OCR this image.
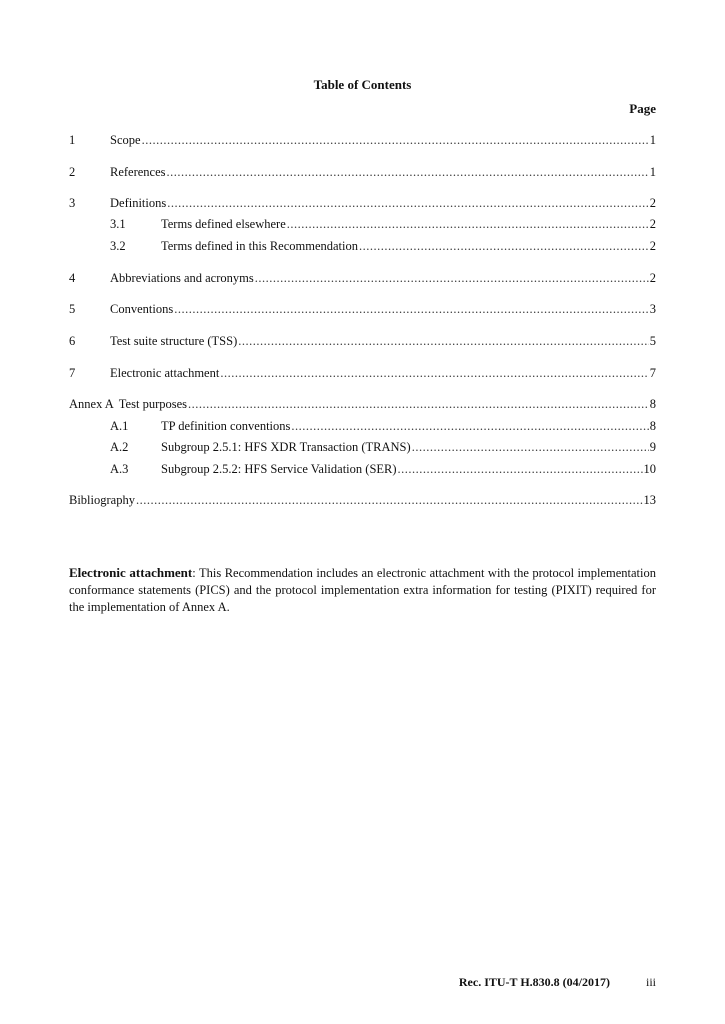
Table of Contents
Page
1	Scope .....	1
2	References .....	1
3	Definitions .....	2
3.1	Terms defined elsewhere .....	2
3.2	Terms defined in this Recommendation .....	2
4	Abbreviations and acronyms .....	2
5	Conventions .....	3
6	Test suite structure (TSS) .....	5
7	Electronic attachment .....	7
Annex A Test purposes .....	8
A.1	TP definition conventions .....	8
A.2	Subgroup 2.5.1: HFS XDR Transaction (TRANS) .....	9
A.3	Subgroup 2.5.2: HFS Service Validation (SER) .....	10
Bibliography .....	13
Electronic attachment: This Recommendation includes an electronic attachment with the protocol implementation conformance statements (PICS) and the protocol implementation extra information for testing (PIXIT) required for the implementation of Annex A.
Rec. ITU-T H.830.8 (04/2017)	iii
